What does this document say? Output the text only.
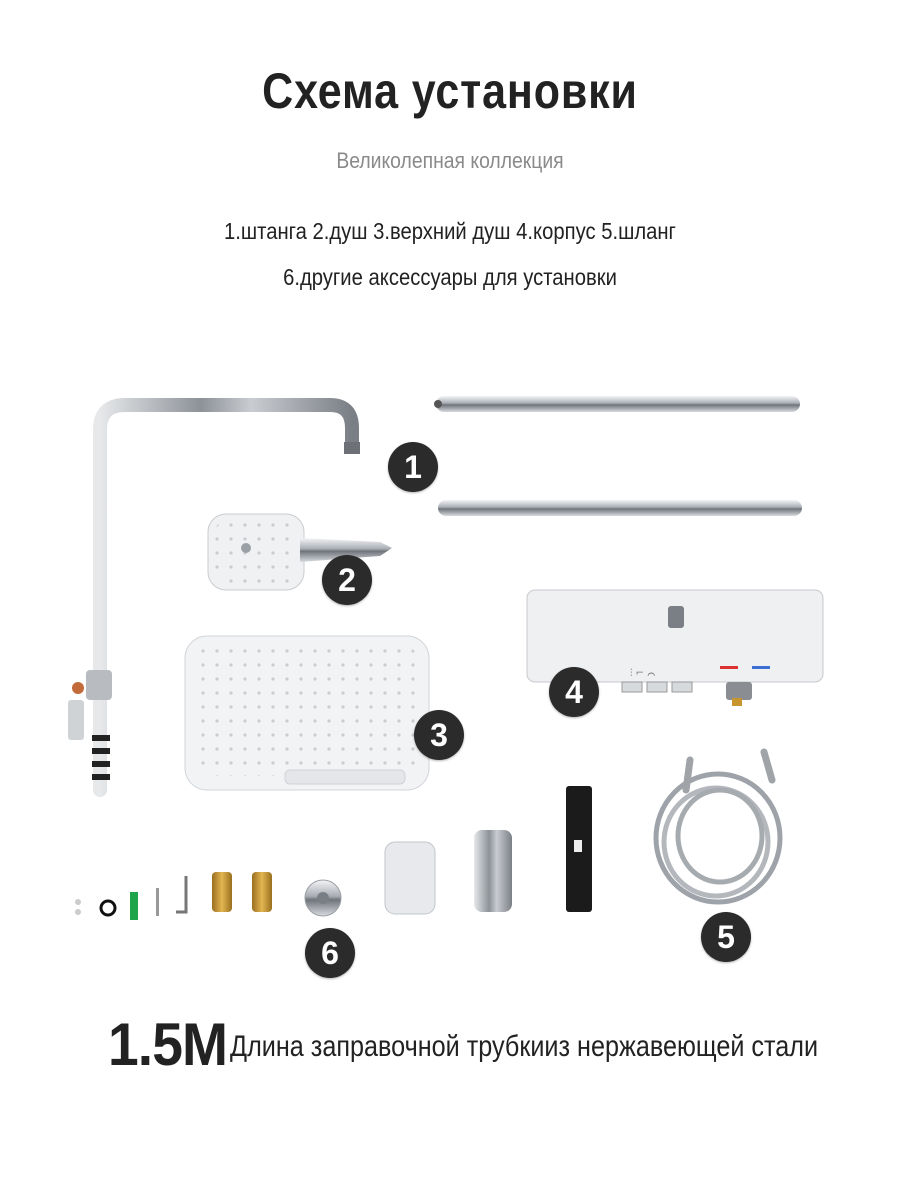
Схема установки
Великолепная коллекция
1.штанга 2.душ 3.верхний душ 4.корпус 5.шланг
6.другие аксессуары для установки
⫶ ⌐ ⌒
1
2
3
4
5
6
1.5M Длина заправочной трубкииз нержавеющей стали
